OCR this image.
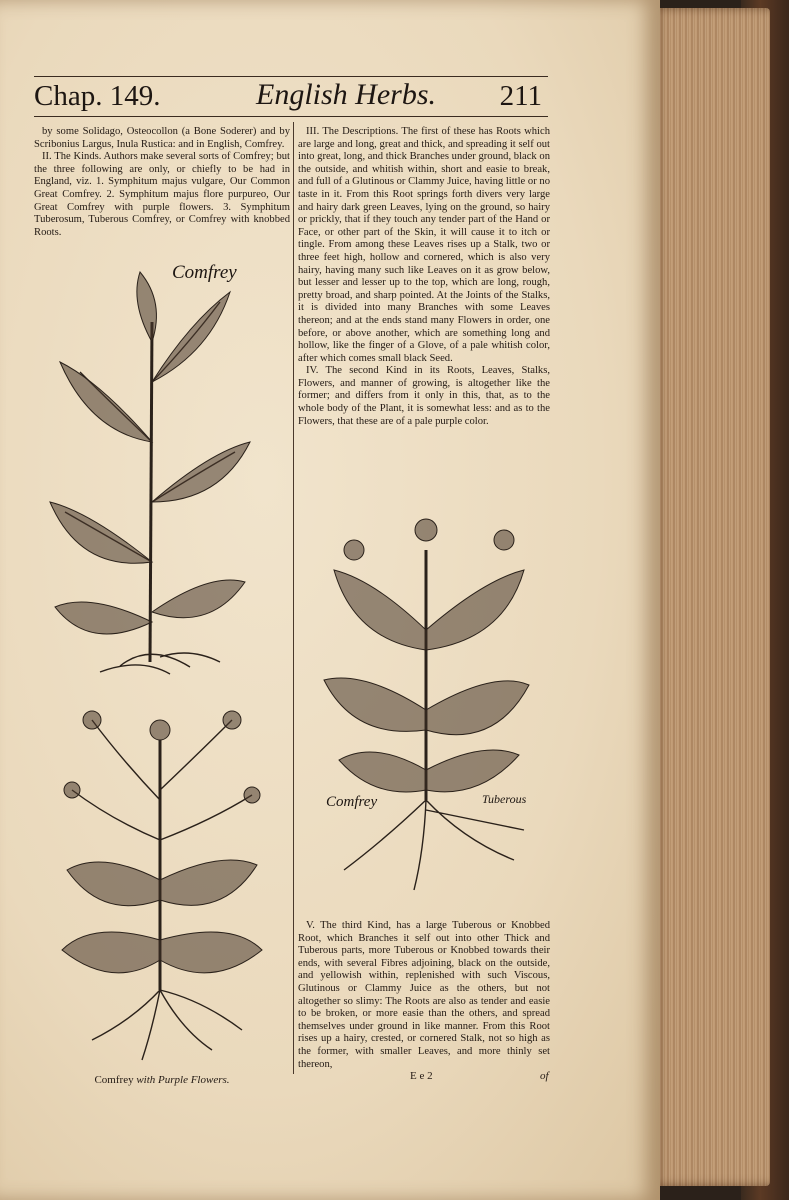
Chap. 149.	English Herbs. 211

by some Solidago, Osteocollon (a Bone Soderer) and by Scribonius Largus, Inula Rustica: and in English, Comfrey.

II. The Kinds. Authors make several sorts of Comfrey; but the three following are only, or chiefly to be had in England, viz. 1. Symphitum majus vulgare, Our Common Great Comfrey. 2. Symphitum majus flore purpureo, Our Great Comfrey with purple flowers. 3. Symphitum Tuberosum, Tuberous Comfrey, or Comfrey with knobbed Roots.

III. The Descriptions. The first of these has Roots which are large and long, great and thick, and spreading it self out into great, long, and thick Branches under ground, black on the outside, and whitish within, short and easie to break, and full of a Glutinous or Clammy Juice, having little or no taste in it. From this Root springs forth divers very large and hairy dark green Leaves, lying on the ground, so hairy or prickly, that if they touch any tender part of the Hand or Face, or other part of the Skin, it will cause it to itch or tingle. From among these Leaves rises up a Stalk, two or three feet high, hollow and cornered, which is also very hairy, having many such like Leaves on it as grow below, but lesser and lesser up to the top, which are long, rough, pretty broad, and sharp pointed. At the Joints of the Stalks, it is divided into many Branches with some Leaves thereon; and at the ends stand many Flowers in order, one before, or above another, which are something long and hollow, like the finger of a Glove, of a pale whitish color, after which comes small black Seed.

IV. The second Kind in its Roots, Leaves, Stalks, Flowers, and manner of growing, is altogether like the former; and differs from it only in this, that, as to the whole body of the Plant, it is somewhat less: and as to the Flowers, that these are of a pale purple color.

Comfrey
Comfrey with Purple Flowers.
Comfrey	Tuberous

V. The third Kind, has a large Tuberous or Knobbed Root, which Branches it self out into other Thick and Tuberous parts, more Tuberous or Knobbed towards their ends, with several Fibres adjoining, black on the outside, and yellowish within, replenished with such Viscous, Glutinous or Clammy Juice as the others, but not altogether so slimy: The Roots are also as tender and easie to be broken, or more easie than the others, and spread themselves under ground in like manner. From this Root rises up a hairy, crested, or cornered Stalk, not so high as the former, with smaller Leaves, and more thinly set thereon,

E e 2	of
